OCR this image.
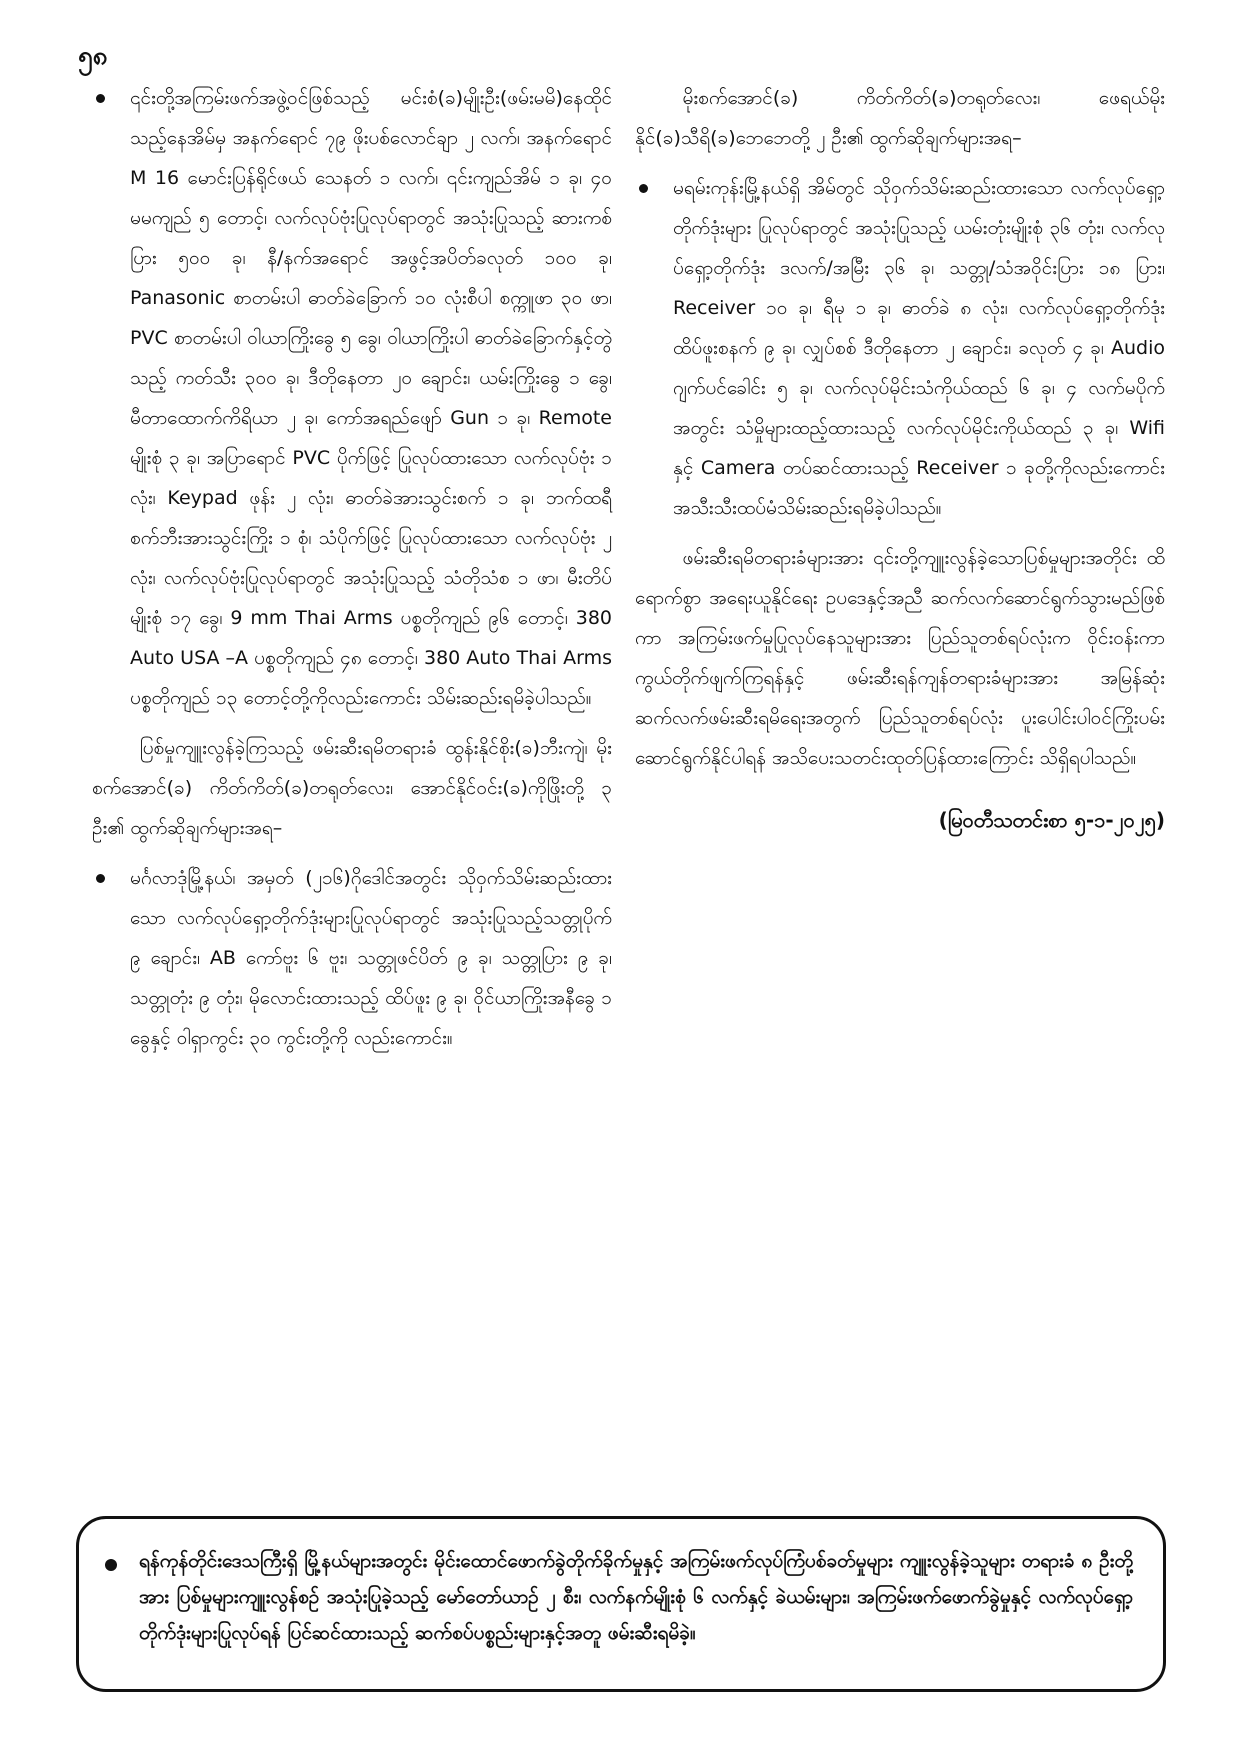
၅၈
၎င်းတို့အကြမ်းဖက်အဖွဲ့ဝင်ဖြစ်သည့် မင်းစံ(ခ)မျိုးဦး(ဖမ်းမမိ)နေထိုင်သည့်နေအိမ်မှ အနက်ရောင် ၇၉ ဖိုးပစ်လောင်ချာ ၂ လက်၊ အနက်ရောင် M 16 မောင်းပြန်ရိုင်ဖယ် သေနတ် ၁ လက်၊ ၎င်းကျည်အိမ် ၁ ခု၊ ၄၀ မမကျည် ၅ တောင့်၊ လက်လုပ်ဗုံးပြုလုပ်ရာတွင် အသုံးပြုသည့် ဆားကစ်ပြား ၅၀၀ ခု၊ နီ/နက်အရောင် အဖွင့်အပိတ်ခလုတ် ၁၀၀ ခု၊ Panasonic စာတမ်းပါ ဓာတ်ခဲခြောက် ၁၀ လုံးစီပါ စက္ကူဖာ ၃၀ ဖာ၊ PVC စာတမ်းပါ ဝါယာကြိုးခွေ ၅ ခွေ၊ ဝါယာကြိုးပါ ဓာတ်ခဲခြောက်နှင့်တွဲသည့် ကတ်သီး ၃၀၀ ခု၊ ဒီတိုနေတာ ၂၀ ချောင်း၊ ယမ်းကြိုးခွေ ၁ ခွေ၊ မီတာထောက်ကိရိယာ ၂ ခု၊ ကော်အရည်ဖျော် Gun ၁ ခု၊ Remote မျိုးစုံ ၃ ခု၊ အပြာရောင် PVC ပိုက်ဖြင့် ပြုလုပ်ထားသော လက်လုပ်ဗုံး ၁ လုံး၊ Keypad ဖုန်း ၂ လုံး၊ ဓာတ်ခဲအားသွင်းစက် ၁ ခု၊ ဘက်ထရီ စက်ဘီးအားသွင်းကြိုး ၁ စုံ၊ သံပိုက်ဖြင့် ပြုလုပ်ထားသော လက်လုပ်ဗုံး ၂ လုံး၊ လက်လုပ်ဗုံးပြုလုပ်ရာတွင် အသုံးပြုသည့် သံတိုသံစ ၁ ဖာ၊ မီးတိပ်မျိုးစုံ ၁၇ ခွေ၊ 9 mm Thai Arms ပစ္စတိုကျည် ၉၆ တောင့်၊ 380 Auto USA –A ပစ္စတိုကျည် ၄၈ တောင့်၊ 380 Auto Thai Arms ပစ္စတိုကျည် ၁၃ တောင့်တို့ကိုလည်းကောင်း သိမ်းဆည်းရမိခဲ့ပါသည်။

ပြစ်မှုကျူးလွန်ခဲ့ကြသည့် ဖမ်းဆီးရမိတရားခံ ထွန်းနိုင်စိုး(ခ)ဘီးကျဲ၊ မိုးစက်အောင်(ခ) ကိတ်ကိတ်(ခ)တရုတ်လေး၊ အောင်နိုင်ဝင်း(ခ)ကိုဖြိုးတို့ ၃ ဦး၏ ထွက်ဆိုချက်များအရ–

မင်္ဂလာဒုံမြို့နယ်၊ အမှတ် (၂၁၆)ဂိုဒေါင်အတွင်း သိုဝှက်သိမ်းဆည်းထားသော လက်လုပ်ရှော့တိုက်ဒုံးများပြုလုပ်ရာတွင် အသုံးပြုသည့်သတ္တုပိုက် ၉ ချောင်း၊ AB ကော်ဗူး ၆ ဗူး၊ သတ္တုဖင်ပိတ် ၉ ခု၊ သတ္တုပြား ၉ ခု၊ သတ္တုတုံး ၉ တုံး၊ မိုလောင်းထားသည့် ထိပ်ဖူး ၉ ခု၊ ဝိုင်ယာကြိုးအနီခွေ ၁ ခွေနှင့် ဝါရှာကွင်း ၃၀ ကွင်းတို့ကို လည်းကောင်း။

မိုးစက်အောင်(ခ) ကိတ်ကိတ်(ခ)တရုတ်လေး၊ ဖေရယ်မိုးနိုင်(ခ)သီရိ(ခ)ဘေဘေတို့ ၂ ဦး၏ ထွက်ဆိုချက်များအရ–

မရမ်းကုန်းမြို့နယ်ရှိ အိမ်တွင် သိုဝှက်သိမ်းဆည်းထားသော လက်လုပ်ရှော့တိုက်ဒုံးများ ပြုလုပ်ရာတွင် အသုံးပြုသည့် ယမ်းတုံးမျိုးစုံ ၃၆ တုံး၊ လက်လုပ်ရှော့တိုက်ဒုံး ဒလက်/အမြီး ၃၆ ခု၊ သတ္တု/သံအဝိုင်းပြား ၁၈ ပြား၊ Receiver ၁၀ ခု၊ ရီမု ၁ ခု၊ ဓာတ်ခဲ ၈ လုံး၊ လက်လုပ်ရှော့တိုက်ဒုံးထိပ်ဖူးစနက် ၉ ခု၊ လျှပ်စစ် ဒီတိုနေတာ ၂ ချောင်း၊ ခလုတ် ၄ ခု၊ Audio ဂျက်ပင်ခေါင်း ၅ ခု၊ လက်လုပ်မိုင်းသံကိုယ်ထည် ၆ ခု၊ ၄ လက်မပိုက်အတွင်း သံမှိုများထည့်ထားသည့် လက်လုပ်မိုင်းကိုယ်ထည် ၃ ခု၊ Wifi နှင့် Camera တပ်ဆင်ထားသည့် Receiver ၁ ခုတို့ကိုလည်းကောင်း အသီးသီးထပ်မံသိမ်းဆည်းရမိခဲ့ပါသည်။

ဖမ်းဆီးရမိတရားခံများအား ၎င်းတို့ကျူးလွန်ခဲ့သောပြစ်မှုများအတိုင်း ထိရောက်စွာ အရေးယူနိုင်ရေး ဥပဒေနှင့်အညီ ဆက်လက်ဆောင်ရွက်သွားမည်ဖြစ်ကာ အကြမ်းဖက်မှုပြုလုပ်နေသူများအား ပြည်သူတစ်ရပ်လုံးက ဝိုင်းဝန်းကာကွယ်တိုက်ဖျက်ကြရန်နှင့် ဖမ်းဆီးရန်ကျန်တရားခံများအား အမြန်ဆုံးဆက်လက်ဖမ်းဆီးရမိရေးအတွက် ပြည်သူတစ်ရပ်လုံး ပူးပေါင်းပါဝင်ကြိုးပမ်းဆောင်ရွက်နိုင်ပါရန် အသိပေးသတင်းထုတ်ပြန်ထားကြောင်း သိရှိရပါသည်။

(မြဝတီသတင်းစာ ၅-၁-၂၀၂၅)
ရန်ကုန်တိုင်းဒေသကြီးရှိ မြို့နယ်များအတွင်း မိုင်းထောင်ဖောက်ခွဲတိုက်ခိုက်မှုနှင့် အကြမ်းဖက်လုပ်ကြံပစ်ခတ်မှုများ ကျူးလွန်ခဲ့သူများ တရားခံ ၈ ဦးတို့အား ပြစ်မှုများကျူးလွန်စဉ် အသုံးပြုခဲ့သည့် မော်တော်ယာဉ် ၂ စီး၊ လက်နက်မျိုးစုံ ၆ လက်နှင့် ခဲယမ်းများ၊ အကြမ်းဖက်ဖောက်ခွဲမှုနှင့် လက်လုပ်ရှော့တိုက်ဒုံးများပြုလုပ်ရန် ပြင်ဆင်ထားသည့် ဆက်စပ်ပစ္စည်းများနှင့်အတူ ဖမ်းဆီးရမိခဲ့။
